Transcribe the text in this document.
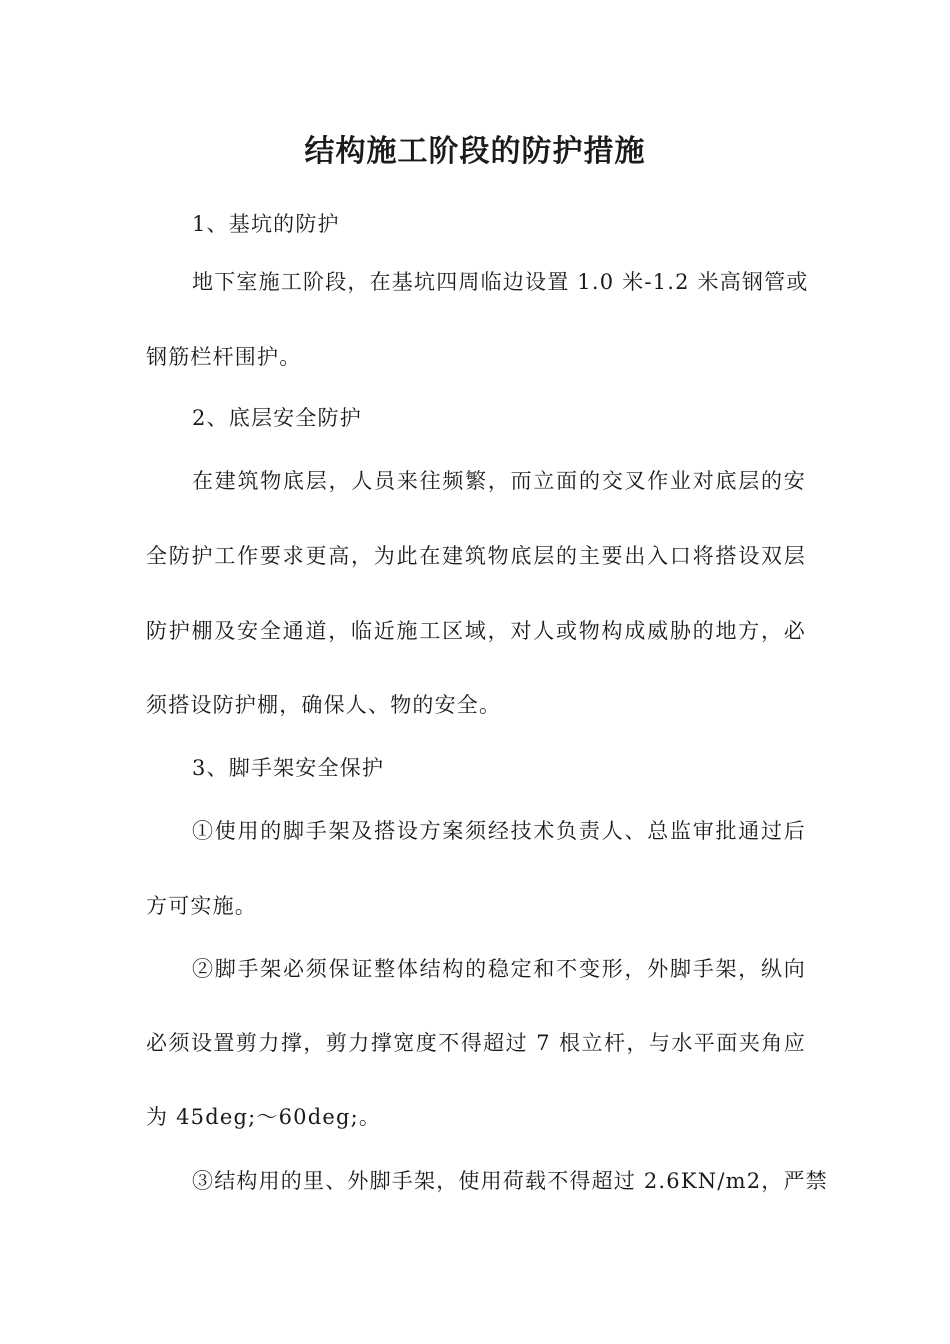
结构施工阶段的防护措施
1、基坑的防护
地下室施工阶段，在基坑四周临边设置 1.0 米-1.2 米高钢管或
钢筋栏杆围护。
2、底层安全防护
在建筑物底层，人员来往频繁，而立面的交叉作业对底层的安
全防护工作要求更高，为此在建筑物底层的主要出入口将搭设双层
防护棚及安全通道，临近施工区域，对人或物构成威胁的地方，必
须搭设防护棚，确保人、物的安全。
3、脚手架安全保护
①使用的脚手架及搭设方案须经技术负责人、总监审批通过后
方可实施。
②脚手架必须保证整体结构的稳定和不变形，外脚手架，纵向
必须设置剪力撑，剪力撑宽度不得超过 7 根立杆，与水平面夹角应
为 45deg;～60deg;。
③结构用的里、外脚手架，使用荷载不得超过 2.6KN/m2，严禁
